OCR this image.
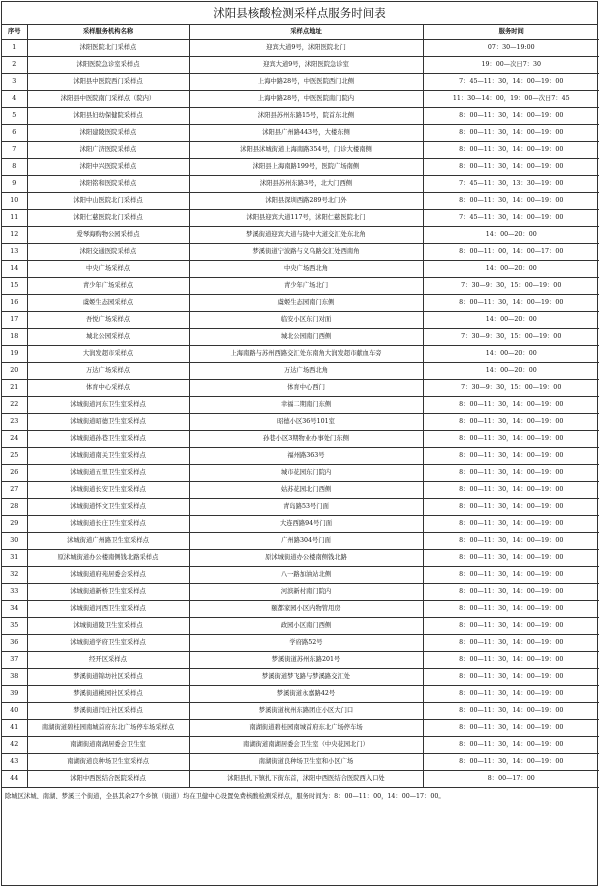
沭阳县核酸检测采样点服务时间表
序号	采样服务机构名称	采样点地址	服务时间
1	沭阳医院北门采样点	迎宾大道9号，沭阳医院北门	07：30—19:00
2	沭阳医院急诊室采样点	迎宾大道9号，沭阳医院急诊室	19：00—次日7：30
3	沭阳县中医院西门采样点	上海中路28号，中医医院西门北侧	7：45—11：30，14：00—19：00
4	沭阳县中医院南门采样点（院内）	上海中路28号，中医医院南门院内	11：30—14：00，19：00—次日7：45
5	沭阳县妇幼保健院采样点	沭阳县苏州东路15号，院首东北侧	8：00—11：30，14：00—19：00
6	沭阳建陵医院采样点	沭阳县广州路443号，大楼东侧	8：00—11：30，14：00—19：00
7	沭阳广济医院采样点	沭阳县沭城街道上海南路354号，门诊大楼南侧	8：00—11：30，14：00—19：00
8	沭阳中兴医院采样点	沭阳县上海南路199号，医院广场南侧	8：00—11：30，14：00—19：00
9	沭阳铭和医院采样点	沭阳县苏州东路3号，北大门西侧	7：45—11：30，13：30—19：00
10	沭阳中山医院北门采样点	沭阳县深圳西路289号北门外	8：00—11：30，14：00—19：00
11	沭阳仁慈医院北门采样点	沭阳县迎宾大道117号，沭阳仁慈医院北门	7：45—11：30，14：00—19：00
12	爱琴海购物公园采样点	梦溪街道迎宾大道与陇中大道交汇处东北角	14：00—20：00
13	沭阳交通医院采样点	梦溪街道宁波路与义乌路交汇处西南角	8：00—11：00，14：00—17：00
14	中央广场采样点	中央广场西北角	14：00—20：00
15	青少年广场采样点	青少年广场北门	7：30—9：30，15：00—19：00
16	虞姬生态园采样点	虞姬生态园南门东侧	8：00—11：30，14：00—19：00
17	吾悦广场采样点	临安小区东门对面	14：00—20：00
18	城北公园采样点	城北公园南门西侧	7：30—9：30，15：00—19：00
19	大润发超市采样点	上海南路与苏州西路交汇处东南角大润发超市献血车旁	14：00—20：00
20	万达广场采样点	万达广场西北角	14：00—20：00
21	体育中心采样点	体育中心西门	7：30—9：30，15：00—19：00
22	沭城街道河东卫生室采样点	幸福二期南门东侧	8：00—11：30，14：00—19：00
23	沭城街道昭德卫生室采样点	昭德小区36号101室	8：00—11：30，14：00—19：00
24	沭城街道孙巷卫生室采样点	孙巷小区3期物业办事处门东侧	8：00—11：30，14：00—19：00
25	沭城街道南关卫生室采样点	福州路363号	8：00—11：30，14：00—19：00
26	沭城街道五里卫生室采样点	城市花园东门院内	8：00—11：30，14：00—19：00
27	沭城街道长安卫生室采样点	姑苏花园北门西侧	8：00—11：30，14：00—19：00
28	沭城街道怀文卫生室采样点	青岛路53号门面	8：00—11：30，14：00—19：00
29	沭城街道长庄卫生室采样点	大连西路94号门面	8：00—11：30，14：00—19：00
30	沭城街道广州路卫生室采样点	广州路304号门面	8：00—11：30，14：00—19：00
31	原沭城街道办公楼南侧钱北路采样点	原沭城街道办公楼南侧钱北路	8：00—11：30，14：00—19：00
32	沭城街道府苑居委会采样点	八一路加油站北侧	8：00—11：30，14：00—19：00
33	沭城街道新桥卫生室采样点	河滨新村南门院内	8：00—11：30，14：00—19：00
34	沭城街道河西卫生室采样点	颐都家园小区内物管用房	8：00—11：30，14：00—19：00
35	沭城街道陵卫生室采样点	政园小区南门西侧	8：00—11：30，14：00—19：00
36	沭城街道学府卫生室采样点	学府路52号	8：00—11：30，14：00—19：00
37	经开区采样点	梦溪街道苏州东路201号	8：00—11：30，14：00—19：00
38	梦溪街道锦坊社区采样点	梦溪街道梦飞路与梦溪路交汇处	8：00—11：30，14：00—19：00
39	梦溪街道桃园社区采样点	梦溪街道永嘉路42号	8：00—11：30，14：00—19：00
40	梦溪街道闫庄社区采样点	梦溪街道杭州东路团庄小区大门口	8：00—11：30，14：00—19：00
41	南湖街道碧桂园南城首府东北广场停车场采样点	南湖街道碧桂园南城首府东北广场停车场	8：00—11：30，14：00—19：00
42	南湖街道南湖居委会卫生室	南湖街道南湖居委会卫生室（中央花园北门）	8：00—11：30，14：00—19：00
43	南湖街道良种场卫生室采样点	南湖街道良种场卫生室和小区广场	8：00—11：30，14：00—19：00
44	沭阳中西医结合医院采样点	沭阳县扎下镇扎下街东首，沭阳中西医结合医院西入口处	8：00—17：00
除城区沭城、南湖、梦溪三个街道，全县其余27个乡镇（街道）均在卫健中心设置免费核酸检测采样点，服务时间为：8：00—11：00，14：00—17：00。
